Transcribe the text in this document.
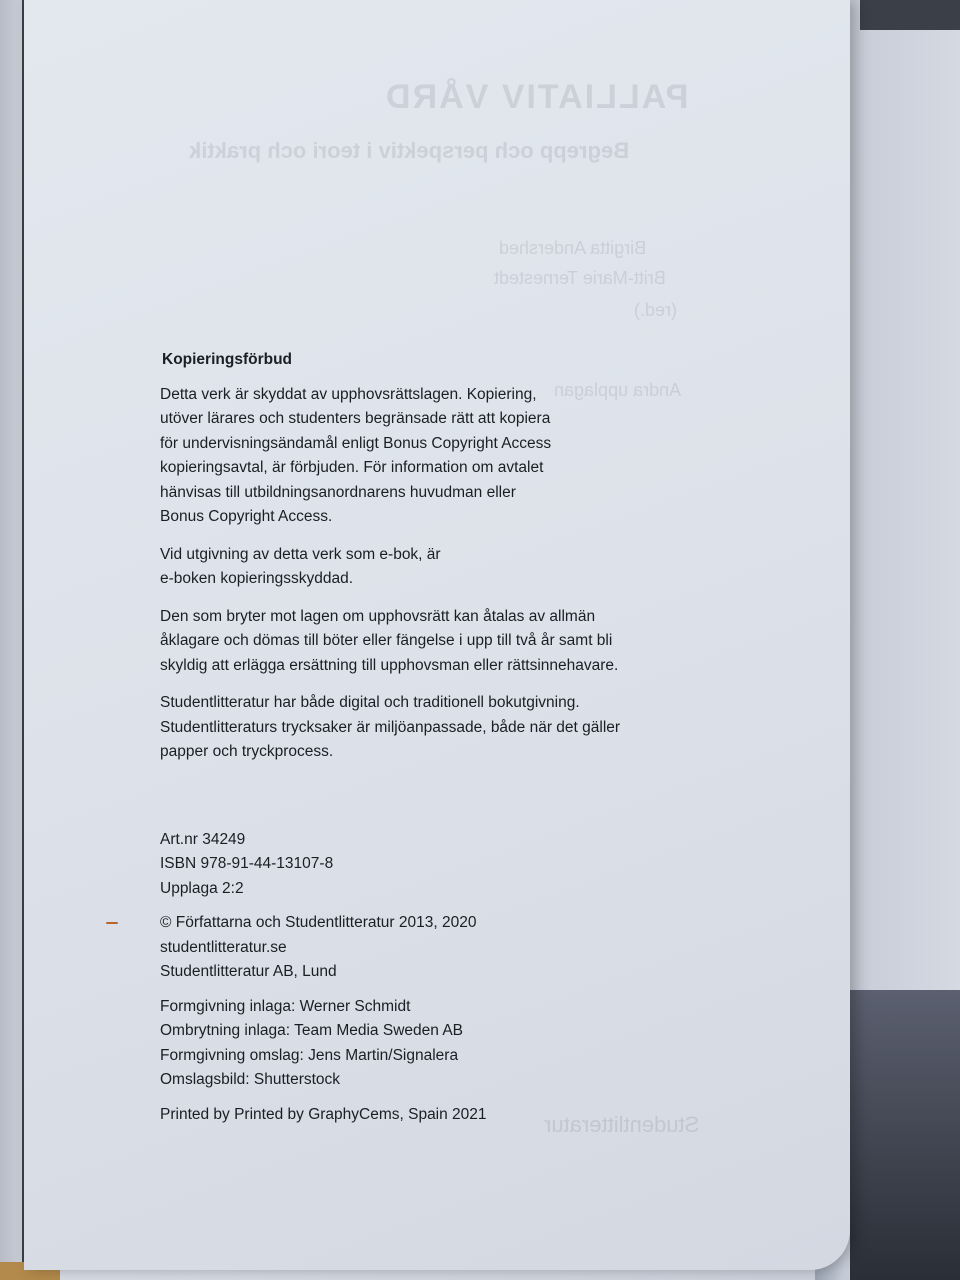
PALLIATIV VÅRD
Begrepp och perspektiv i teori och praktik
Birgitta Andershed
Britt-Marie Ternestedt
(red.)
Andra upplagan
Studentlitteratur
Kopieringsförbud
Detta verk är skyddat av upphovsrättslagen. Kopiering,
utöver lärares och studenters begränsade rätt att kopiera
för undervisningsändamål enligt Bonus Copyright Access
kopieringsavtal, är förbjuden. För information om avtalet
hänvisas till utbildningsanordnarens huvudman eller
Bonus Copyright Access.
Vid utgivning av detta verk som e-bok, är
e-boken kopieringsskyddad.
Den som bryter mot lagen om upphovsrätt kan åtalas av allmän
åklagare och dömas till böter eller fängelse i upp till två år samt bli
skyldig att erlägga ersättning till upphovsman eller rättsinnehavare.
Studentlitteratur har både digital och traditionell bokutgivning.
Studentlitteraturs trycksaker är miljöanpassade, både när det gäller
papper och tryckprocess.
Art.nr 34249
ISBN 978-91-44-13107-8
Upplaga 2:2
© Författarna och Studentlitteratur 2013, 2020
studentlitteratur.se
Studentlitteratur AB, Lund
Formgivning inlaga: Werner Schmidt
Ombrytning inlaga: Team Media Sweden AB
Formgivning omslag: Jens Martin/Signalera
Omslagsbild: Shutterstock
Printed by Printed by GraphyCems, Spain 2021
